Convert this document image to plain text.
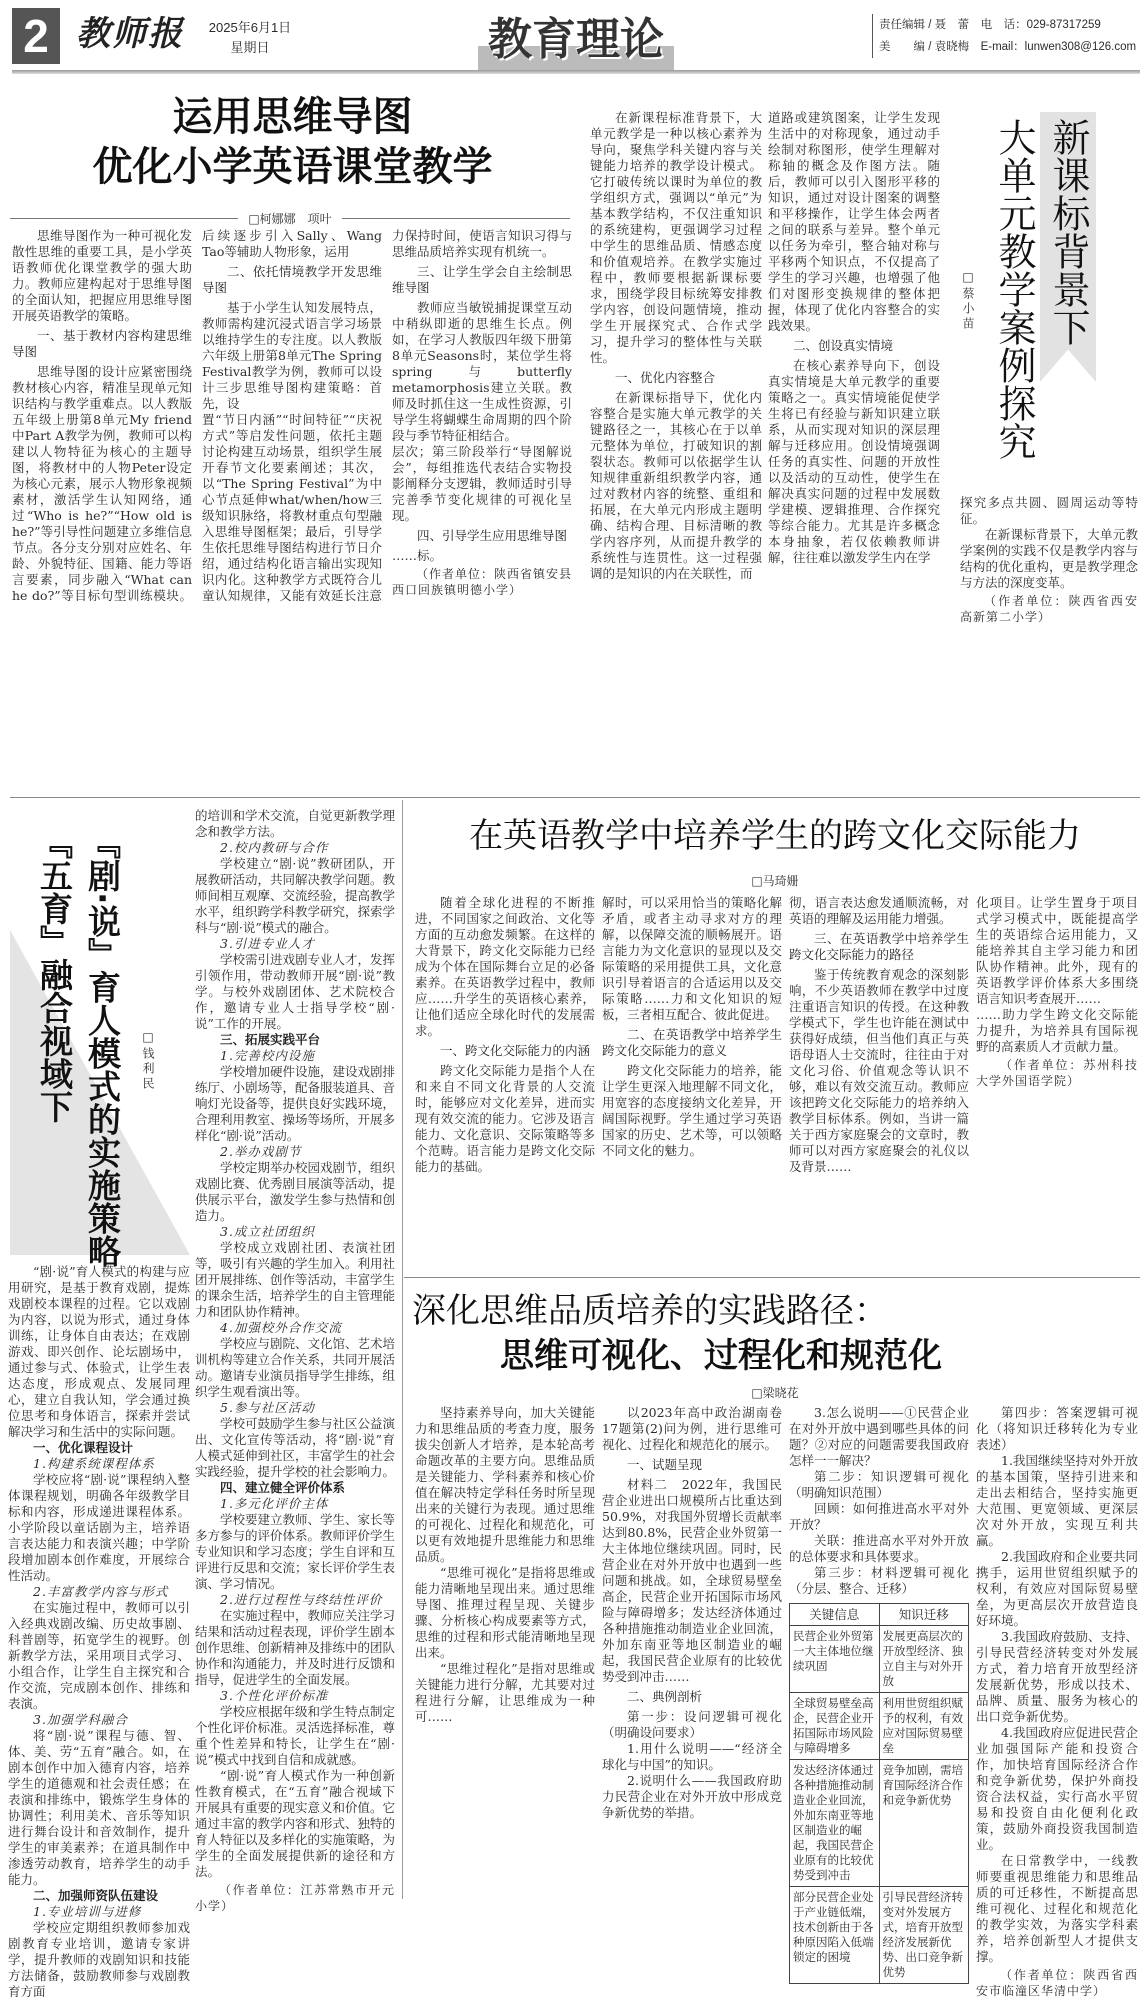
2 教师报 2025年6月1日
星期日	教育理论	责任编辑 / 聂　蕾　电　话：029-87317259
美　　编 / 袁晓梅　E-mail：lunwen308@126.com
运用思维导图
优化小学英语课堂教学
□柯娜娜　项叶

思维导图作为一种可视化发散性思维的重要工具，是小学英语教师优化课堂教学的强大助力。教师应建构起对于思维导图的全面认知，把握应用思维导图开展英语教学的策略。

一、基于教材内容构建思维导图

思维导图的设计应紧密围绕教材核心内容，精准呈现单元知识结构与教学重难点。以人教版五年级上册第8单元My friend中Part A教学为例，教师可以构建以人物特征为核心的主题导图，将教材中的人物Peter设定为核心元素，展示人物形象视频素材，激活学生认知网络，通过“Who is he?”“How old is he?”等引导性问题建立多维信息节点。各分支分别对应姓名、年龄、外貌特征、国籍、能力等语言要素，同步融入“What can he do?”等目标句型训练模块。后续逐步引入Sally、Wang Tao等辅助人物形象，运用

二、依托情境教学开发思维导图

基于小学生认知发展特点，教师需构建沉浸式语言学习场景以维持学生的专注度。以人教版六年级上册第8单元The Spring Festival教学为例，教师可以设计三步思维导图构建策略：首先，设

置“节日内涵”“时间特征”“庆祝方式”等启发性问题，依托主题讨论构建互动场景，组织学生展开春节文化要素阐述；其次，以“The Spring Festival”为中心节点延伸what/when/how三级知识脉络，将教材重点句型融入思维导图框架；最后，引导学生依托思维导图结构进行节日介绍，通过结构化语言输出实现知识内化。这种教学方式既符合儿童认知规律，又能有效延长注意力保持时间，使语言知识习得与思维品质培养实现有机统一。

三、让学生学会自主绘制思维导图

教师应当敏锐捕捉课堂互动中稍纵即逝的思维生长点。例如，在学习人教版四年级下册第8单元Seasons时，某位学生将spring与butterfly metamorphosis建立关联。教师及时抓住这一生成性资源，引导学生将蝴蝶生命周期的四个阶段与季节特征相结合。

层次；第三阶段举行“导图解说会”，每组推选代表结合实物投影阐释分支逻辑，教师适时引导完善季节变化规律的可视化呈现。

四、引导学生应用思维导图

……标。

（作者单位：陕西省镇安县西口回族镇明德小学）

在新课程标准背景下，大单元教学是一种以核心素养为导向，聚焦学科关键内容与关键能力培养的教学设计模式。它打破传统以课时为单位的教学组织方式，强调以“单元”为基本教学结构，不仅注重知识的系统建构，更强调学习过程中学生的思维品质、情感态度和价值观培养。在教学实施过程中，教师要根据新课标要求，围绕学段目标统筹安排教学内容，创设问题情境，推动学生开展探究式、合作式学习，提升学习的整体性与关联性。

一、优化内容整合

在新课标指导下，优化内容整合是实施大单元教学的关键路径之一，其核心在于以单元整体为单位，打破知识的割裂状态。教师可以依据学生认知规律重新组织教学内容，通过对教材内容的统整、重组和拓展，在大单元内形成主题明确、结构合理、目标清晰的教学内容序列，从而提升教学的系统性与连贯性。这一过程强调的是知识的内在关联性，而

道路或建筑图案，让学生发现生活中的对称现象，通过动手绘制对称图形，使学生理解对称轴的概念及作图方法。随后，教师可以引入图形平移的知识，通过对设计图案的调整和平移操作，让学生体会两者之间的联系与差异。整个单元以任务为牵引，整合轴对称与平移两个知识点，不仅提高了学生的学习兴趣，也增强了他们对图形变换规律的整体把握，体现了优化内容整合的实践效果。

二、创设真实情境

在核心素养导向下，创设真实情境是大单元教学的重要策略之一。真实情境能促使学生将已有经验与新知识建立联系，从而实现对知识的深层理解与迁移应用。创设情境强调任务的真实性、问题的开放性以及活动的互动性，使学生在解决真实问题的过程中发展数学建模、逻辑推理、合作探究等综合能力。尤其是许多概念本身抽象，若仅依赖教师讲解，往往难以激发学生内在学

新课标背景下
大单元教学案例探究
□蔡小苗

探究多点共圆、圆周运动等特征。

在新课标背景下，大单元教学案例的实践不仅是教学内容与结构的优化重构，更是教学理念与方法的深度变革。

（作者单位：陕西省西安高新第二小学）

『剧·说』育人模式的实施策略
『五育』融合视域下	□钱利民

“剧·说”育人模式的构建与应用研究，是基于教育戏剧，提炼戏剧校本课程的过程。它以戏剧为内容，以说为形式，通过身体训练，让身体自由表达；在戏剧游戏、即兴创作、论坛剧场中，通过参与式、体验式，让学生表达态度，形成观点、发展同理心，建立自我认知，学会通过换位思考和身体语言，探索并尝试解决学习和生活中的实际问题。

一、优化课程设计

1.构建系统课程体系

学校应将“剧·说”课程纳入整体课程规划，明确各年级教学目标和内容，形成递进课程体系。小学阶段以童话剧为主，培养语言表达能力和表演兴趣；中学阶段增加剧本创作难度，开展综合性活动。

2.丰富教学内容与形式

在实施过程中，教师可以引入经典戏剧改编、历史故事剧、科普剧等，拓宽学生的视野。创新教学方法，采用项目式学习、小组合作，让学生自主探究和合作交流，完成剧本创作、排练和表演。

3.加强学科融合

将“剧·说”课程与德、智、体、美、劳“五育”融合。如，在剧本创作中加入德育内容，培养学生的道德观和社会责任感；在表演和排练中，锻炼学生身体的协调性；利用美术、音乐等知识进行舞台设计和音效制作，提升学生的审美素养；在道具制作中渗透劳动教育，培养学生的动手能力。

二、加强师资队伍建设

1.专业培训与进修

学校应定期组织教师参加戏剧教育专业培训，邀请专家讲学，提升教师的戏剧知识和技能方法储备，鼓励教师参与戏剧教育方面

的培训和学术交流，自觉更新教学理念和教学方法。

2.校内教研与合作

学校建立“剧·说”教研团队，开展教研活动，共同解决教学问题。教师间相互观摩、交流经验，提高教学水平，组织跨学科教学研究，探索学科与“剧·说”模式的融合。

3.引进专业人才

学校需引进戏剧专业人才，发挥引领作用，带动教师开展“剧·说”教学。与校外戏剧团体、艺术院校合作，邀请专业人士指导学校“剧·说”工作的开展。

三、拓展实践平台

1.完善校内设施

学校增加硬件设施，建设戏剧排练厅、小剧场等，配备服装道具、音响灯光设备等，提供良好实践环境，合理利用教室、操场等场所，开展多样化“剧·说”活动。

2.举办戏剧节

学校定期举办校园戏剧节，组织戏剧比赛、优秀剧目展演等活动，提供展示平台，激发学生参与热情和创造力。

3.成立社团组织

学校成立戏剧社团、表演社团等，吸引有兴趣的学生加入。利用社团开展排练、创作等活动，丰富学生的课余生活，培养学生的自主管理能力和团队协作精神。

4.加强校外合作交流

学校应与剧院、文化馆、艺术培训机构等建立合作关系，共同开展活动。邀请专业演员指导学生排练，组织学生观看演出等。

5.参与社区活动

学校可鼓励学生参与社区公益演出、文化宣传等活动，将“剧·说”育人模式延伸到社区，丰富学生的社会实践经验，提升学校的社会影响力。

四、建立健全评价体系

1.多元化评价主体

学校要建立教师、学生、家长等多方参与的评价体系。教师评价学生专业知识和学习态度；学生自评和互评进行反思和交流；家长评价学生表演、学习情况。

2.进行过程性与终结性评价

在实施过程中，教师应关注学习结果和活动过程表现，评价学生剧本创作思维、创新精神及排练中的团队协作和沟通能力，并及时进行反馈和指导，促进学生的全面发展。

3.个性化评价标准

学校应根据年级和学生特点制定个性化评价标准。灵活选择标准，尊重个性差异和特长，让学生在“剧·说”模式中找到自信和成就感。

“剧·说”育人模式作为一种创新性教育模式，在“五育”融合视域下开展具有重要的现实意义和价值。它通过丰富的教学内容和形式、独特的育人特征以及多样化的实施策略，为学生的全面发展提供新的途径和方法。

（作者单位：江苏常熟市开元小学）

在英语教学中培养学生的跨文化交际能力
□马琦姗

随着全球化进程的不断推进，不同国家之间政治、文化等方面的互动愈发频繁。在这样的大背景下，跨文化交际能力已经成为个体在国际舞台立足的必备素养。在英语教学过程中，教师应……升学生的英语核心素养，让他们适应全球化时代的发展需求。

一、跨文化交际能力的内涵

跨文化交际能力是指个人在和来自不同文化背景的人交流时，能够应对文化差异，进而实现有效交流的能力。它涉及语言能力、文化意识、交际策略等多个范畴。语言能力是跨文化交际能力的基础。

解时，可以采用恰当的策略化解矛盾，或者主动寻求对方的理解，以保障交流的顺畅展开。语言能力为文化意识的显现以及交际策略的采用提供工具，文化意识引导着语言的合适运用以及交际策略……力和文化知识的短板，三者相互配合、彼此促进。

二、在英语教学中培养学生跨文化交际能力的意义

跨文化交际能力的培养，能让学生更深入地理解不同文化，用宽容的态度接纳文化差异，开阔国际视野。学生通过学习英语国家的历史、艺术等，可以领略不同文化的魅力。

彻，语言表达愈发通顺流畅，对英语的理解及运用能力增强。

三、在英语教学中培养学生跨文化交际能力的路径

鉴于传统教育观念的深刻影响，不少英语教师在教学中过度注重语言知识的传授。在这种教学模式下，学生也许能在测试中获得好成绩，但当他们真正与英语母语人士交流时，往往由于对文化习俗、价值观念等认识不够，难以有效交流互动。教师应该把跨文化交际能力的培养纳入教学目标体系。例如，当讲一篇关于西方家庭聚会的文章时，教师可以对西方家庭聚会的礼仪以及背景……

化项目。让学生置身于项目式学习模式中，既能提高学生的英语综合运用能力，又能培养其自主学习能力和团队协作精神。此外，现有的英语教学评价体系大多围绕语言知识考查展开……

……助力学生跨文化交际能力提升，为培养具有国际视野的高素质人才贡献力量。

（作者单位：苏州科技大学外国语学院）

深化思维品质培养的实践路径：
思维可视化、过程化和规范化
□梁晓花

坚持素养导向，加大关键能力和思维品质的考查力度，服务拔尖创新人才培养，是本轮高考命题改革的主要方向。思维品质是关键能力、学科素养和核心价值在解决特定学科任务时所呈现出来的关键行为表现。通过思维的可视化、过程化和规范化，可以更有效地提升思维能力和思维品质。

“思维可视化”是指将思维或能力清晰地呈现出来。通过思维导图、推理过程呈现、关键步骤、分析核心构成要素等方式，思维的过程和形式能清晰地呈现出来。

“思维过程化”是指对思维或关键能力进行分解，尤其要对过程进行分解，让思维成为一种可……

以2023年高中政治湖南卷17题第(2)问为例，进行思维可视化、过程化和规范化的展示。

一、试题呈现

材料二　2022年，我国民营企业进出口规模所占比重达到50.9%，对我国外贸增长贡献率达到80.8%，民营企业外贸第一大主体地位继续巩固。同时，民营企业在对外开放中也遇到一些问题和挑战。如，全球贸易壁垒高企，民营企业开拓国际市场风险与障碍增多；发达经济体通过各种措施推动制造业企业回流，外加东南亚等地区制造业的崛起，我国民营企业原有的比较优势受到冲击……

二、典例剖析

第一步：设问逻辑可视化（明确设问要求）

1.用什么说明——“经济全球化与中国”的知识。

2.说明什么——我国政府助力民营企业在对外开放中形成竞争新优势的举措。

3.怎么说明——①民营企业在对外开放中遇到哪些具体的问题？②对应的问题需要我国政府怎样一一解决？

第二步：知识逻辑可视化（明确知识范围）

回顾：如何推进高水平对外开放？

关联：推进高水平对外开放的总体要求和具体要求。

第三步：材料逻辑可视化（分层、整合、迁移）

关键信息	知识迁移
民营企业外贸第一大主体地位继续巩固	发展更高层次的开放型经济、独立自主与对外开放
全球贸易壁垒高企，民营企业开拓国际市场风险与障碍增多	利用世贸组织赋予的权利，有效应对国际贸易壁垒
发达经济体通过各种措施推动制造业企业回流，外加东南亚等地区制造业的崛起，我国民营企业原有的比较优势受到冲击	竞争加剧，需培育国际经济合作和竞争新优势
部分民营企业处于产业链低端，技术创新由于各种原因陷入低端锁定的困境	引导民营经济转变对外发展方式，培育开放型经济发展新优势、出口竞争新优势

第四步：答案逻辑可视化（将知识迁移转化为专业表述）

1.我国继续坚持对外开放的基本国策，坚持引进来和走出去相结合，坚持实施更大范围、更宽领域、更深层次对外开放，实现互利共赢。

2.我国政府和企业要共同携手，运用世贸组织赋予的权利，有效应对国际贸易壁垒，为更高层次开放营造良好环境。

3.我国政府鼓励、支持、引导民营经济转变对外发展方式，着力培育开放型经济发展新优势，形成以技术、品牌、质量、服务为核心的出口竞争新优势。

4.我国政府应促进民营企业加强国际产能和投资合作，加快培育国际经济合作和竞争新优势，保护外商投资合法权益，实行高水平贸易和投资自由化便利化政策，鼓励外商投资我国制造业。

在日常教学中，一线教师要重视思维能力和思维品质的可迁移性，不断提高思维可视化、过程化和规范化的教学实效，为落实学科素养，培养创新型人才提供支撑。

（作者单位：陕西省西安市临潼区华清中学）
